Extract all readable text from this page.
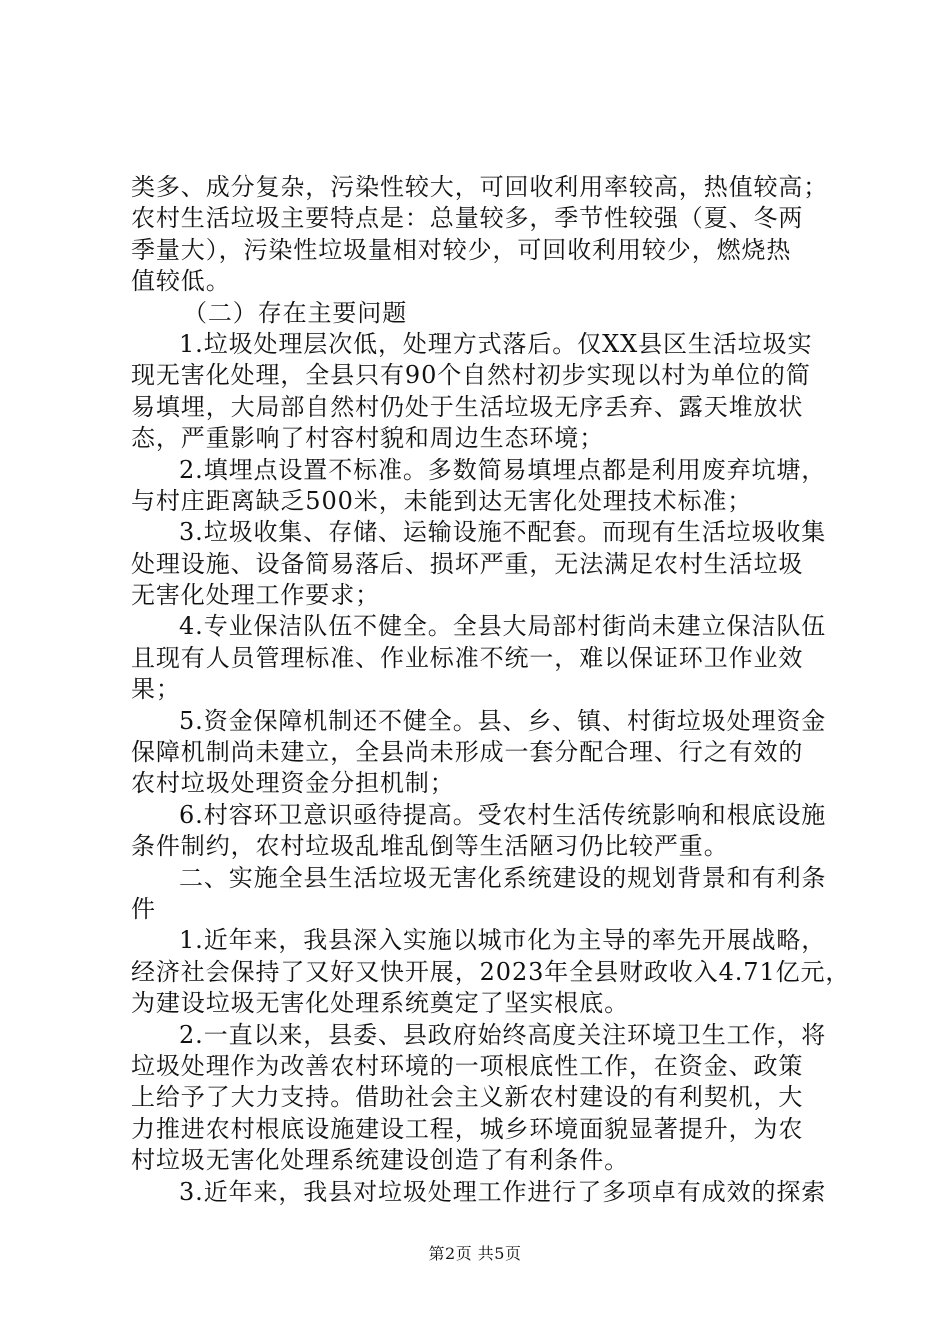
类多、成分复杂，污染性较大，可回收利用率较高，热值较高；
农村生活垃圾主要特点是：总量较多，季节性较强（夏、冬两
季量大），污染性垃圾量相对较少，可回收利用较少，燃烧热
值较低。
（二）存在主要问题
1.垃圾处理层次低，处理方式落后。仅XX县区生活垃圾实
现无害化处理，全县只有90个自然村初步实现以村为单位的简
易填埋，大局部自然村仍处于生活垃圾无序丢弃、露天堆放状
态，严重影响了村容村貌和周边生态环境；
2.填埋点设置不标准。多数简易填埋点都是利用废弃坑塘，
与村庄距离缺乏500米，未能到达无害化处理技术标准；
3.垃圾收集、存储、运输设施不配套。而现有生活垃圾收集
处理设施、设备简易落后、损坏严重，无法满足农村生活垃圾
无害化处理工作要求；
4.专业保洁队伍不健全。全县大局部村街尚未建立保洁队伍
且现有人员管理标准、作业标准不统一，难以保证环卫作业效
果；
5.资金保障机制还不健全。县、乡、镇、村街垃圾处理资金
保障机制尚未建立，全县尚未形成一套分配合理、行之有效的
农村垃圾处理资金分担机制；
6.村容环卫意识亟待提高。受农村生活传统影响和根底设施
条件制约，农村垃圾乱堆乱倒等生活陋习仍比较严重。
二、实施全县生活垃圾无害化系统建设的规划背景和有利条
件
1.近年来，我县深入实施以城市化为主导的率先开展战略，
经济社会保持了又好又快开展，2023年全县财政收入4.71亿元，
为建设垃圾无害化处理系统奠定了坚实根底。
2.一直以来，县委、县政府始终高度关注环境卫生工作，将
垃圾处理作为改善农村环境的一项根底性工作，在资金、政策
上给予了大力支持。借助社会主义新农村建设的有利契机，大
力推进农村根底设施建设工程，城乡环境面貌显著提升，为农
村垃圾无害化处理系统建设创造了有利条件。
3.近年来，我县对垃圾处理工作进行了多项卓有成效的探索
第2页 共5页
